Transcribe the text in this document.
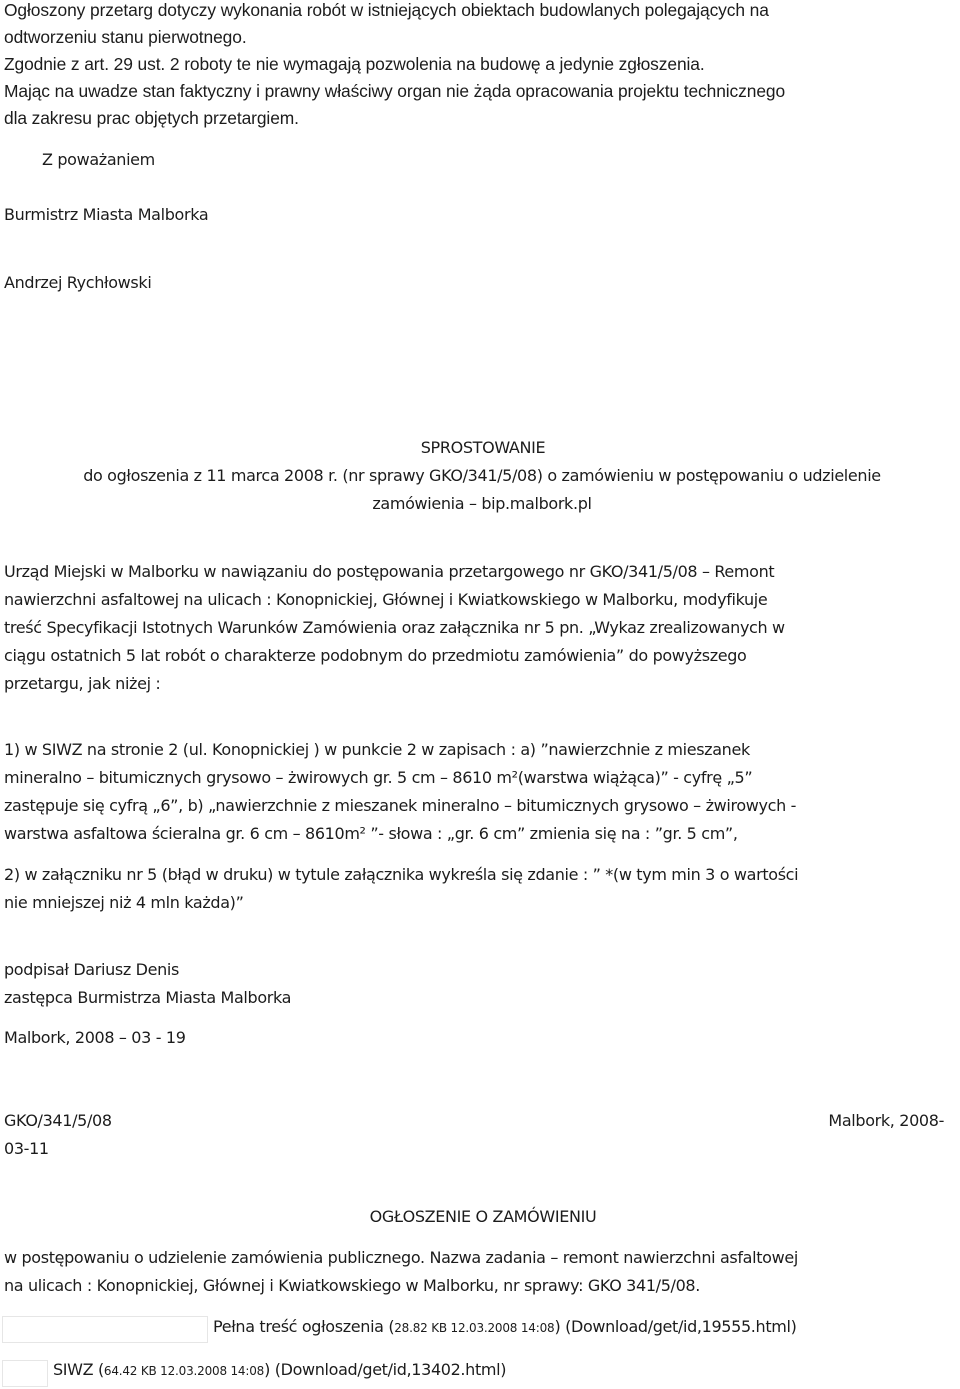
Ogłoszony przetarg dotyczy wykonania robót w istniejących obiektach budowlanych polegających na

odtworzeniu stanu pierwotnego.

Zgodnie z art. 29 ust. 2 roboty te nie wymagają pozwolenia na budowę a jedynie zgłoszenia.

Mając na uwadze stan faktyczny i prawny właściwy organ nie żąda opracowania projektu technicznego

dla zakresu prac objętych przetargiem.

Z poważaniem

Burmistrz Miasta Malborka

Andrzej Rychłowski

SPROSTOWANIE
do ogłoszenia z 11 marca 2008 r. (nr sprawy GKO/341/5/08) o zamówieniu w postępowaniu o udzielenie
zamówienia – bip.malbork.pl

Urząd Miejski w Malborku w nawiązaniu do postępowania przetargowego nr GKO/341/5/08 – Remont

nawierzchni asfaltowej na ulicach : Konopnickiej, Głównej i Kwiatkowskiego w Malborku, modyfikuje

treść Specyfikacji Istotnych Warunków Zamówienia oraz załącznika nr 5 pn. „Wykaz zrealizowanych w

ciągu ostatnich 5 lat robót o charakterze podobnym do przedmiotu zamówienia” do powyższego

przetargu, jak niżej :

1) w SIWZ na stronie 2 (ul. Konopnickiej ) w punkcie 2 w zapisach : a) ”nawierzchnie z mieszanek

mineralno – bitumicznych grysowo – żwirowych gr. 5 cm – 8610 m²(warstwa wiążąca)” - cyfrę „5”

zastępuje się cyfrą „6”, b) „nawierzchnie z mieszanek mineralno – bitumicznych grysowo – żwirowych -

warstwa asfaltowa ścieralna gr. 6 cm – 8610m² ”- słowa : „gr. 6 cm” zmienia się na : ”gr. 5 cm”,

2) w załączniku nr 5 (błąd w druku) w tytule załącznika wykreśla się zdanie : ” *(w tym min 3 o wartości

nie mniejszej niż 4 mln każda)”

podpisał Dariusz Denis

zastępca Burmistrza Miasta Malborka

Malbork, 2008 – 03 - 19

GKO/341/5/08	Malbork, 2008-

03-11

OGŁOSZENIE O ZAMÓWIENIU

w postępowaniu o udzielenie zamówienia publicznego. Nazwa zadania – remont nawierzchni asfaltowej

na ulicach : Konopnickiej, Głównej i Kwiatkowskiego w Malborku, nr sprawy: GKO 341/5/08.

Pełna treść ogłoszenia (28.82 KB 12.03.2008 14:08) (Download/get/id,19555.html)

SIWZ (64.42 KB 12.03.2008 14:08) (Download/get/id,13402.html)
